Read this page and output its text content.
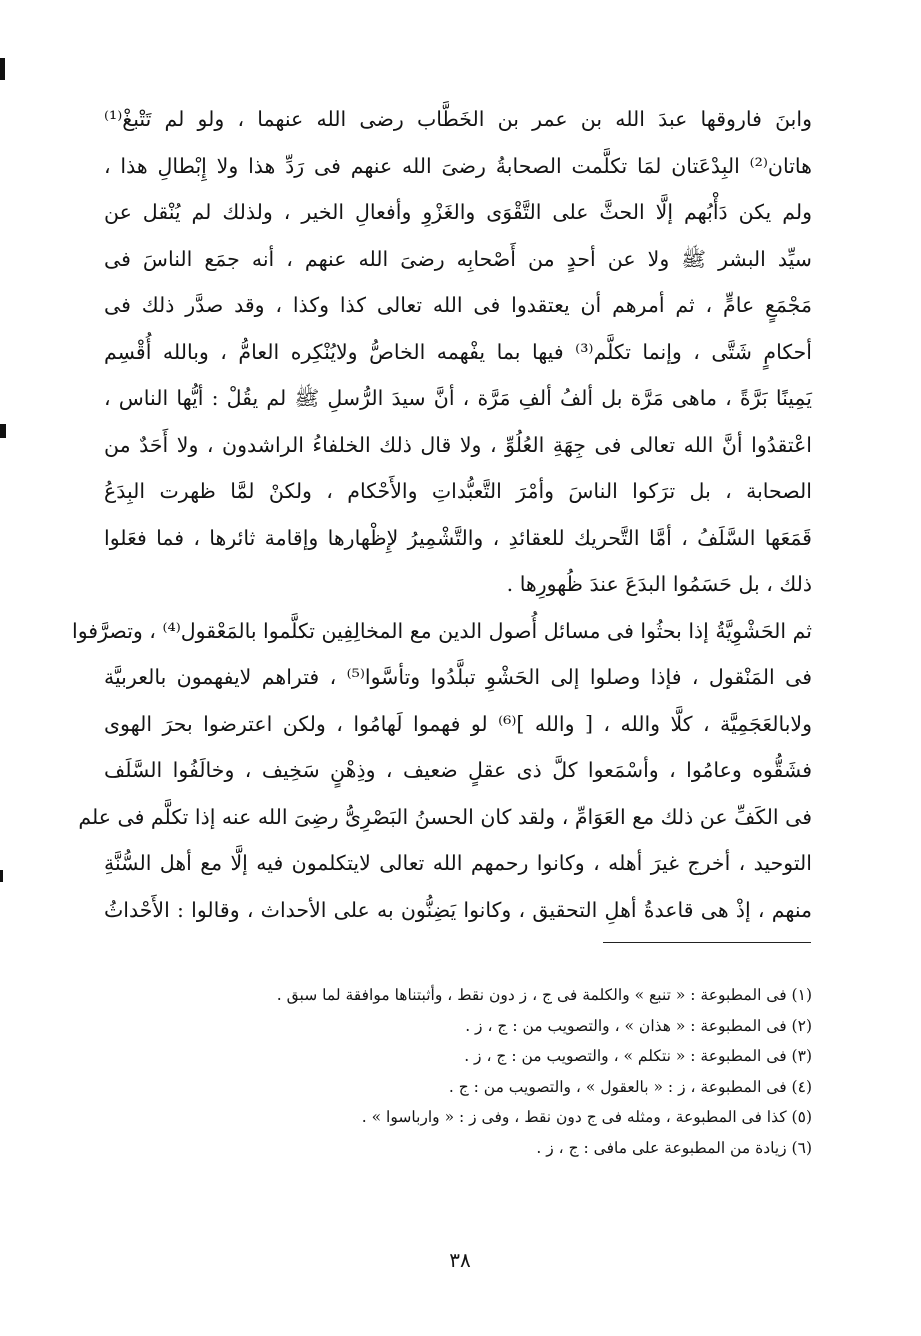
وابنَ فاروقها عبدَ الله بن عمر بن الخَطَّاب رضى الله عنهما ، ولو لم تَتْبغْ⁽¹⁾
هاتان⁽²⁾ البِدْعَتان لمَا تكلَّمت الصحابةُ رضىَ الله عنهم فى رَدِّ هذا ولا إِبْطالِ هذا ،
ولم يكن دَأْبُهم إلَّا الحثَّ على التَّقْوَى والغَزْوِ وأفعالِ الخير ، ولذلك لم يُنْقل عن
سيِّد البشر ﷺ ولا عن أحدٍ من أَصْحابِه رضىَ الله عنهم ، أنه جمَع الناسَ فى
مَجْمَعٍ عامٍّ ، ثم أمرهم أن يعتقدوا فى الله تعالى كذا وكذا ، وقد صدَّر ذلك فى
أحكامٍ شَتَّى ، وإنما تكلَّم⁽³⁾ فيها بما يفْهمه الخاصُّ ولايُنْكِره العامُّ ، وبالله أُقْسِم
يَمِينًا بَرَّةً ، ماهى مَرَّة بل ألفُ ألفِ مَرَّة ، أنَّ سيدَ الرُّسلِ ﷺ لم يقُلْ : أيُّها الناس ،
اعْتقدُوا أنَّ الله تعالى فى جِهَةِ العُلُوِّ ، ولا قال ذلك الخلفاءُ الراشدون ، ولا أَحَدٌ من
الصحابة ، بل ترَكوا الناسَ وأمْرَ التَّعبُّداتِ والأَحْكام ، ولكنْ لمَّا ظهرت البِدَعُ
قَمَعَها السَّلَفُ ، أمَّا التَّحريك للعقائدِ ، والتَّشْمِيرُ لإِظْهارها وإقامة ثائرها ، فما فعَلوا
ذلك ، بل حَسَمُوا البدَعَ عندَ ظُهورِها .
ثم الحَشْوِيَّةُ إذا بحثُوا فى مسائل أُصول الدين مع المخالِفِين تكلَّموا بالمَعْقول⁽⁴⁾ ، وتصرَّفوا
فى المَنْقول ، فإذا وصلوا إلى الحَشْوِ تبلَّدُوا وتأسَّوا⁽⁵⁾ ، فتراهم لايفهمون بالعربيَّة
ولابالعَجَمِيَّة ، كلَّا والله ، [ والله ]⁽⁶⁾ لو فهموا لَهامُوا ، ولكن اعترضوا بحرَ الهوى
فشَقُّوه وعامُوا ، وأسْمَعوا كلَّ ذى عقلٍ ضعيف ، وذِهْنٍ سَخِيف ، وخالَفُوا السَّلَف
فى الكَفِّ عن ذلك مع العَوَامِّ ، ولقد كان الحسنُ البَصْرِىُّ رضِىَ الله عنه إذا تكلَّم فى علم
التوحيد ، أخرج غيرَ أهله ، وكانوا رحمهم الله تعالى لايتكلمون فيه إلَّا مع أهل السُّنَّةِ
منهم ، إذْ هى قاعدةُ أهلِ التحقيق ، وكانوا يَضِنُّون به على الأحداث ، وقالوا : الأَحْداثُ
(١) فى المطبوعة : « تنبع » والكلمة فى ج ، ز دون نقط ، وأثبتناها موافقة لما سبق .
(٢) فى المطبوعة : « هذان » ، والتصويب من : ج ، ز .
(٣) فى المطبوعة : « نتكلم » ، والتصويب من : ج ، ز .
(٤) فى المطبوعة ، ز : « بالعقول » ، والتصويب من : ج .
(٥) كذا فى المطبوعة ، ومثله فى ج دون نقط ، وفى ز : « وارباسوا » .
(٦) زيادة من المطبوعة على مافى : ج ، ز .
٣٨
